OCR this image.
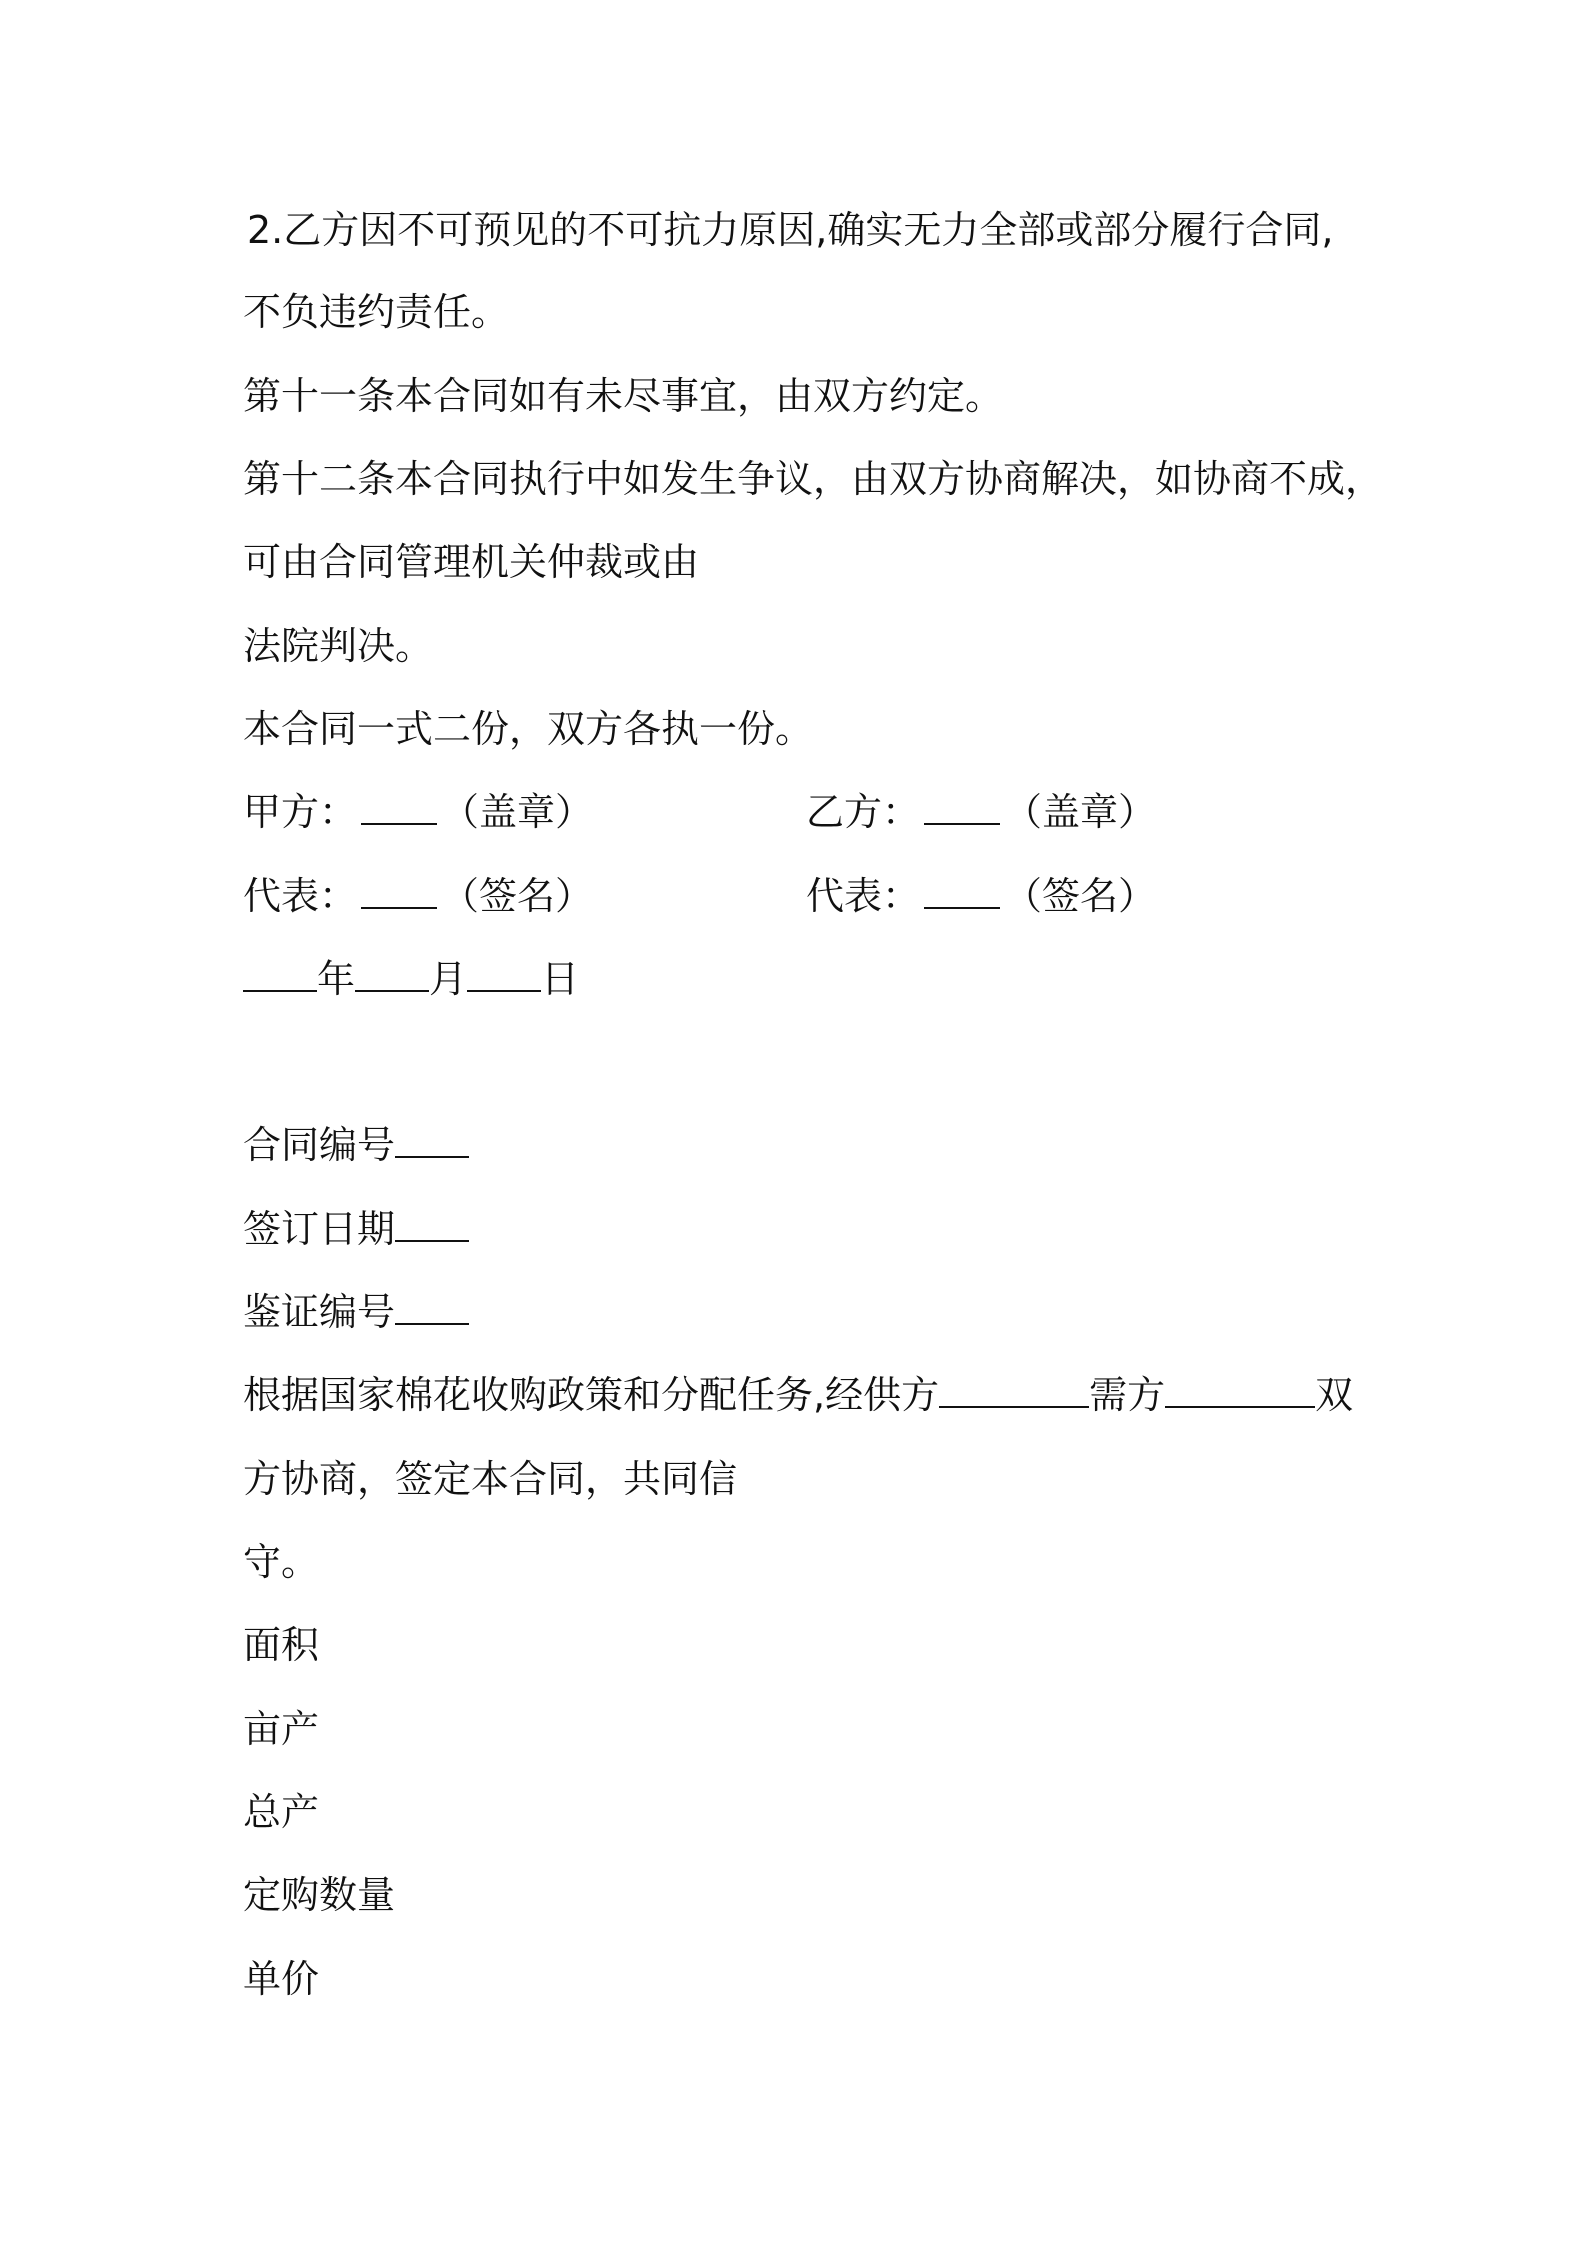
2.乙方因不可预见的不可抗力原因,确实无力全部或部分履行合同,
不负违约责任。
第十一条本合同如有未尽事宜，由双方约定。
第十二条本合同执行中如发生争议，由双方协商解决，如协商不成，
可由合同管理机关仲裁或由
法院判决。
本合同一式二份，双方各执一份。
甲方： （盖章）	乙方： （盖章）
代表： （签名）	代表： （签名）
年 月 日
合同编号
签订日期
鉴证编号
根据国家棉花收购政策和分配任务,经供方	需方	双
方协商，签定本合同，共同信
守。
面积
亩产
总产
定购数量
单价
